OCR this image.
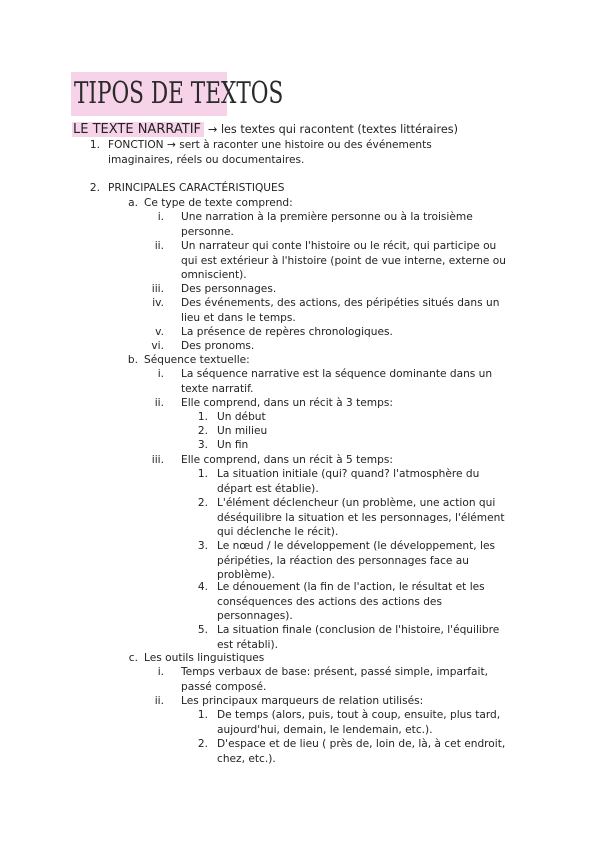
TIPOS DE TEXTOS
LE TEXTE NARRATIF → les textes qui racontent (textes littéraires)
1. FONCTION → sert à raconter une histoire ou des événements
imaginaires, réels ou documentaires.
2. PRINCIPALES CARACTÉRISTIQUES
a. Ce type de texte comprend:
i. Une narration à la première personne ou à la troisième
personne.
ii. Un narrateur qui conte l'histoire ou le récit, qui participe ou
qui est extérieur à l'histoire (point de vue interne, externe ou
omniscient).
iii. Des personnages.
iv. Des événements, des actions, des péripéties situés dans un
lieu et dans le temps.
v. La présence de repères chronologiques.
vi. Des pronoms.
b. Séquence textuelle:
i. La séquence narrative est la séquence dominante dans un
texte narratif.
ii. Elle comprend, dans un récit à 3 temps:
1. Un début
2. Un milieu
3. Un fin
iii. Elle comprend, dans un récit à 5 temps:
1. La situation initiale (qui? quand? l'atmosphère du
départ est établie).
2. L'élément déclencheur (un problème, une action qui
déséquilibre la situation et les personnages, l'élément
qui déclenche le récit).
3. Le nœud / le développement (le développement, les
péripéties, la réaction des personnages face au
problème).
4. Le dénouement (la fin de l'action, le résultat et les
conséquences des actions des actions des
personnages).
5. La situation finale (conclusion de l'histoire, l'équilibre
est rétabli).
c. Les outils linguistiques
i. Temps verbaux de base: présent, passé simple, imparfait,
passé composé.
ii. Les principaux marqueurs de relation utilisés:
1. De temps (alors, puis, tout à coup, ensuite, plus tard,
aujourd'hui, demain, le lendemain, etc.).
2. D'espace et de lieu ( près de, loin de, là, à cet endroit,
chez, etc.).
